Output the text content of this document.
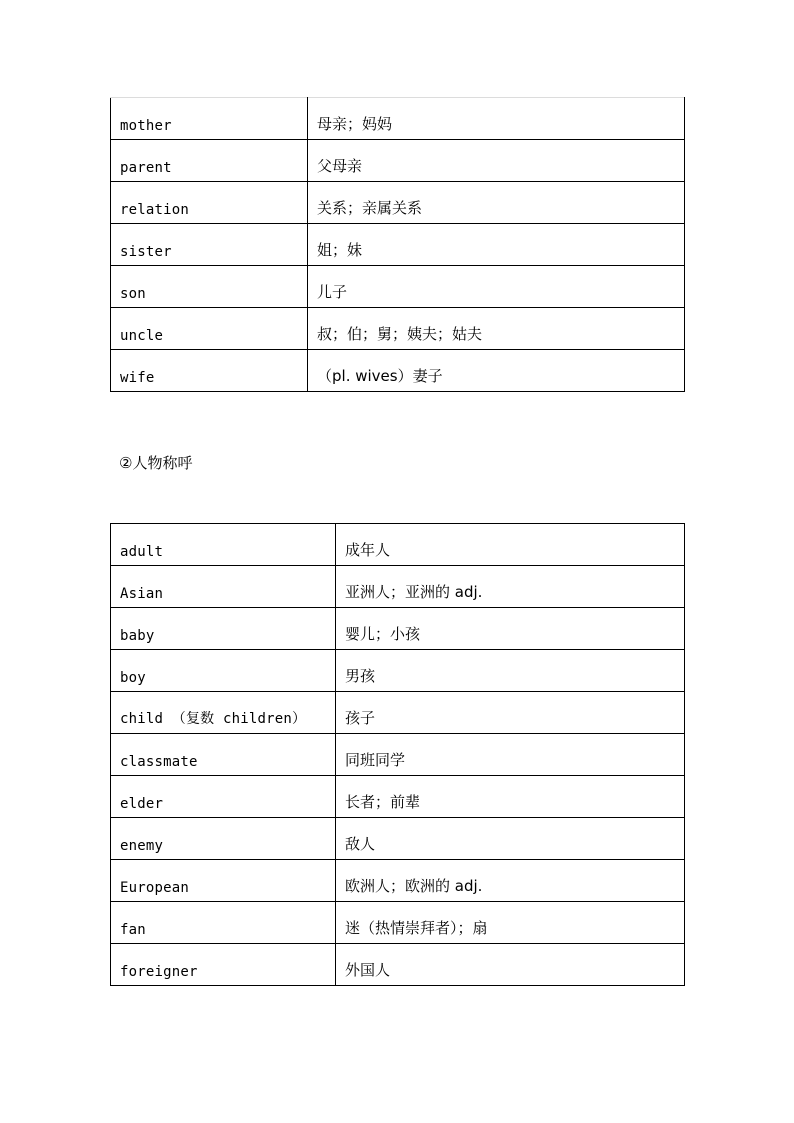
mother	母亲；妈妈
parent	父母亲
relation	关系；亲属关系
sister	姐；妹
son	儿子
uncle	叔；伯；舅；姨夫；姑夫
wife	（pl. wives）妻子
②人物称呼
adult	成年人
Asian	亚洲人；亚洲的 adj.
baby	婴儿；小孩
boy	男孩
child （复数 children）	孩子
classmate	同班同学
elder	长者；前辈
enemy	敌人
European	欧洲人；欧洲的 adj.
fan	迷（热情崇拜者）；扇
foreigner	外国人
